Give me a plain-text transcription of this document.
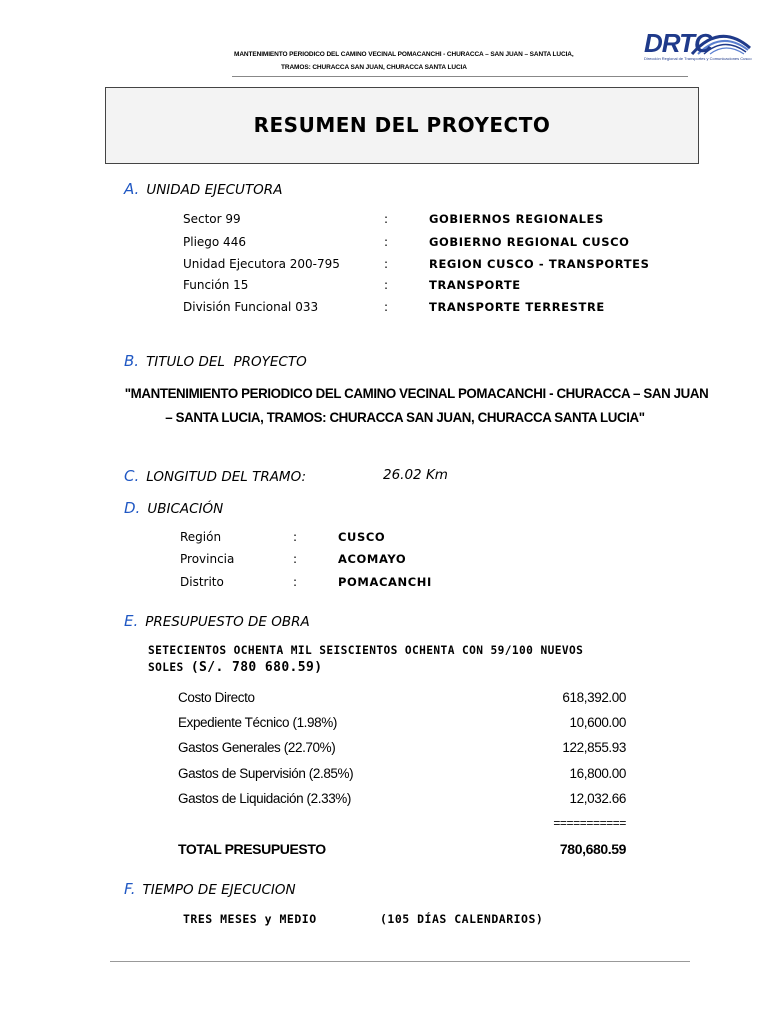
MANTENIMIENTO PERIODICO DEL CAMINO VECINAL POMACANCHI - CHURACCA – SAN JUAN – SANTA LUCIA,
TRAMOS: CHURACCA SAN JUAN, CHURACCA SANTA LUCIA
DRTC
Dirección Regional de Transportes y Comunicaciones Cusco
RESUMEN DEL PROYECTO
A. UNIDAD EJECUTORA
Sector 99	:	GOBIERNOS REGIONALES
Pliego 446	:	GOBIERNO REGIONAL CUSCO
Unidad Ejecutora 200-795	:	REGION CUSCO - TRANSPORTES
Función 15	:	TRANSPORTE
División Funcional 033	:	TRANSPORTE TERRESTRE
B. TITULO DEL  PROYECTO
"MANTENIMIENTO PERIODICO DEL CAMINO VECINAL POMACANCHI - CHURACCA – SAN JUAN
– SANTA LUCIA, TRAMOS: CHURACCA SAN JUAN, CHURACCA SANTA LUCIA"
C. LONGITUD DEL TRAMO:	26.02 Km
D. UBICACIÓN
Región	:	CUSCO
Provincia	:	ACOMAYO
Distrito	:	POMACANCHI
E. PRESUPUESTO DE OBRA
SETECIENTOS OCHENTA MIL SEISCIENTOS OCHENTA CON 59/100 NUEVOS
SOLES (S/. 780 680.59)
Costo Directo	618,392.00
Expediente Técnico (1.98%)	10,600.00
Gastos Generales (22.70%)	122,855.93
Gastos de Supervisión (2.85%)	16,800.00
Gastos de Liquidación (2.33%)	12,032.66
===========
TOTAL PRESUPUESTO	780,680.59
F. TIEMPO DE EJECUCION
TRES MESES y MEDIO	(105 DÍAS CALENDARIOS)
